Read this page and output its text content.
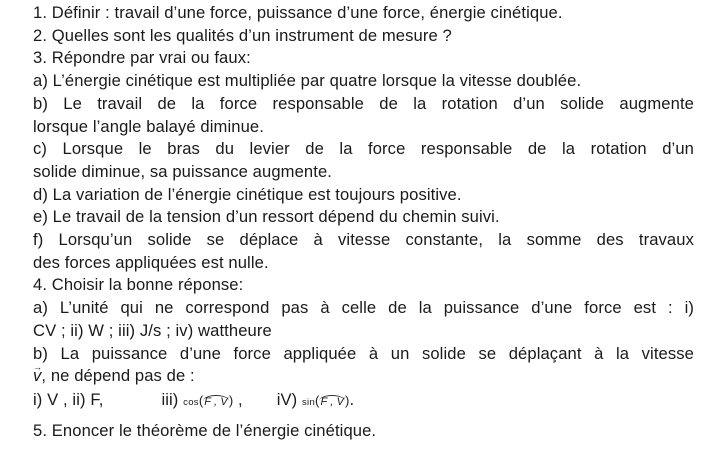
1. Définir : travail d’une force, puissance d’une force, énergie cinétique.
2. Quelles sont les qualités d’un instrument de mesure ?
3. Répondre par vrai ou faux:
a) L’énergie cinétique est multipliée par quatre lorsque la vitesse doublée.
b) Le travail de la force responsable de la rotation d’un solide augmente
lorsque l’angle balayé diminue.
c) Lorsque le bras du levier de la force responsable de la rotation d’un
solide diminue, sa puissance augmente.
d) La variation de l’énergie cinétique est toujours positive.
e) Le travail de la tension d’un ressort dépend du chemin suivi.
f) Lorsqu’un solide se déplace à vitesse constante, la somme des travaux
des forces appliquées est nulle.
4. Choisir la bonne réponse:
a) L’unité qui ne correspond pas à celle de la puissance d’une force est : i)
CV ; ii) W ; iii) J/s ; iv) wattheure
b) La puissance d’une force appliquée à un solide se déplaçant à la vitesse
→ v, ne dépend pas de :
i) V , ii) F,	iii)
cos ( F , V )
, iV)
sin ( F , V ) .
5. Enoncer le théorème de l’énergie cinétique.
